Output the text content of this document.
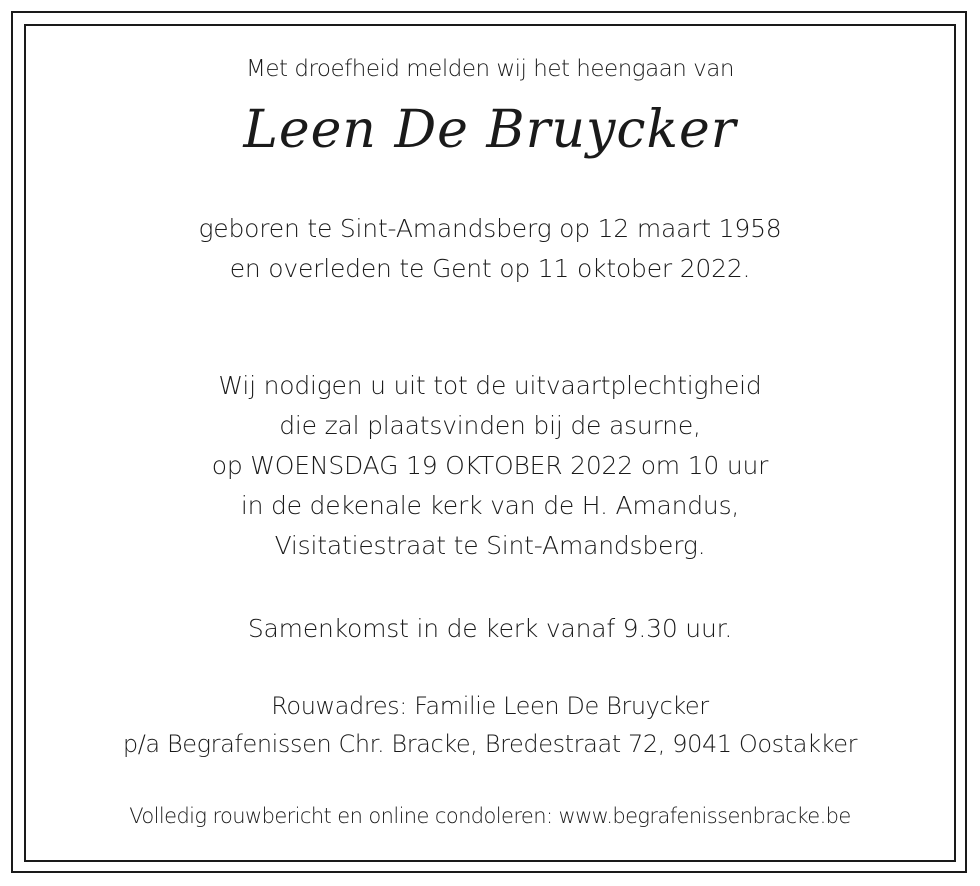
Met droefheid melden wij het heengaan van
Leen De Bruycker
geboren te Sint-Amandsberg op 12 maart 1958
en overleden te Gent op 11 oktober 2022.
Wij nodigen u uit tot de uitvaartplechtigheid
die zal plaatsvinden bij de asurne,
op WOENSDAG 19 OKTOBER 2022 om 10 uur
in de dekenale kerk van de H. Amandus,
Visitatiestraat te Sint-Amandsberg.
Samenkomst in de kerk vanaf 9.30 uur.
Rouwadres: Familie Leen De Bruycker
p/a Begrafenissen Chr. Bracke, Bredestraat 72, 9041 Oostakker
Volledig rouwbericht en online condoleren: www.begrafenissenbracke.be
